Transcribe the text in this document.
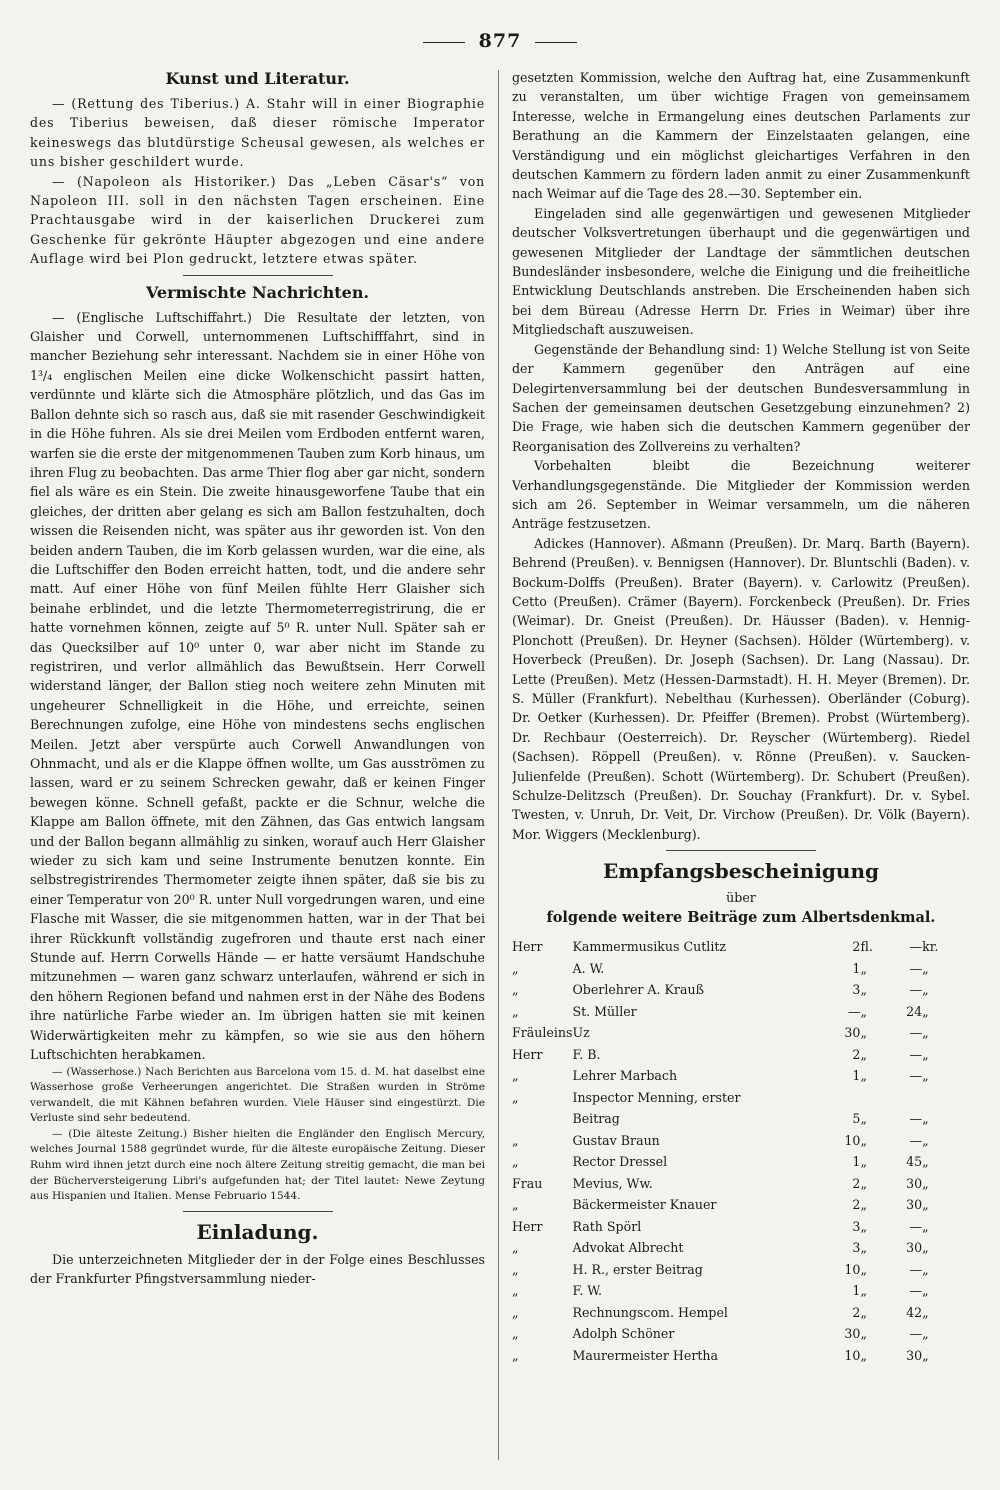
877
Kunst und Literatur.

— (Rettung des Tiberius.) A. Stahr will in einer Biographie des Tiberius beweisen, daß dieser römische Imperator keineswegs das blutdürstige Scheusal gewesen, als welches er uns bisher geschildert wurde.

— (Napoleon als Historiker.) Das „Leben Cäsar's“ von Napoleon III. soll in den nächsten Tagen erscheinen. Eine Prachtausgabe wird in der kaiserlichen Druckerei zum Geschenke für gekrönte Häupter abgezogen und eine andere Auflage wird bei Plon gedruckt, letztere etwas später.

Vermischte Nachrichten.

— (Englische Luftschiffahrt.) Die Resultate der letzten, von Glaisher und Corwell, unternommenen Luftschifffahrt, sind in mancher Beziehung sehr interessant. Nachdem sie in einer Höhe von 1³/₄ englischen Meilen eine dicke Wolkenschicht passirt hatten, verdünnte und klärte sich die Atmosphäre plötzlich, und das Gas im Ballon dehnte sich so rasch aus, daß sie mit rasender Geschwindigkeit in die Höhe fuhren. Als sie drei Meilen vom Erdboden entfernt waren, warfen sie die erste der mitgenommenen Tauben zum Korb hinaus, um ihren Flug zu beobachten. Das arme Thier flog aber gar nicht, sondern fiel als wäre es ein Stein. Die zweite hinausgeworfene Taube that ein gleiches, der dritten aber gelang es sich am Ballon festzuhalten, doch wissen die Reisenden nicht, was später aus ihr geworden ist. Von den beiden andern Tauben, die im Korb gelassen wurden, war die eine, als die Luftschiffer den Boden erreicht hatten, todt, und die andere sehr matt. Auf einer Höhe von fünf Meilen fühlte Herr Glaisher sich beinahe erblindet, und die letzte Thermometerregistrirung, die er hatte vornehmen können, zeigte auf 5⁰ R. unter Null. Später sah er das Quecksilber auf 10⁰ unter 0, war aber nicht im Stande zu registriren, und verlor allmählich das Bewußtsein. Herr Corwell widerstand länger, der Ballon stieg noch weitere zehn Minuten mit ungeheurer Schnelligkeit in die Höhe, und erreichte, seinen Berechnungen zufolge, eine Höhe von mindestens sechs englischen Meilen. Jetzt aber verspürte auch Corwell Anwandlungen von Ohnmacht, und als er die Klappe öffnen wollte, um Gas ausströmen zu lassen, ward er zu seinem Schrecken gewahr, daß er keinen Finger bewegen könne. Schnell gefaßt, packte er die Schnur, welche die Klappe am Ballon öffnete, mit den Zähnen, das Gas entwich langsam und der Ballon begann allmählig zu sinken, worauf auch Herr Glaisher wieder zu sich kam und seine Instrumente benutzen konnte. Ein selbstregistrirendes Thermometer zeigte ihnen später, daß sie bis zu einer Temperatur von 20⁰ R. unter Null vorgedrungen waren, und eine Flasche mit Wasser, die sie mitgenommen hatten, war in der That bei ihrer Rückkunft vollständig zugefroren und thaute erst nach einer Stunde auf. Herrn Corwells Hände — er hatte versäumt Handschuhe mitzunehmen — waren ganz schwarz unterlaufen, während er sich in den höhern Regionen befand und nahmen erst in der Nähe des Bodens ihre natürliche Farbe wieder an. Im übrigen hatten sie mit keinen Widerwärtigkeiten mehr zu kämpfen, so wie sie aus den höhern Luftschichten herabkamen.

— (Wasserhose.) Nach Berichten aus Barcelona vom 15. d. M. hat daselbst eine Wasserhose große Verheerungen angerichtet. Die Straßen wurden in Ströme verwandelt, die mit Kähnen befahren wurden. Viele Häuser sind eingestürzt. Die Verluste sind sehr bedeutend.

— (Die älteste Zeitung.) Bisher hielten die Engländer den Englisch Mercury, welches Journal 1588 gegründet wurde, für die älteste europäische Zeitung. Dieser Ruhm wird ihnen jetzt durch eine noch ältere Zeitung streitig gemacht, die man bei der Bücherversteigerung Libri's aufgefunden hat; der Titel lautet: Newe Zeytung aus Hispanien und Italien. Mense Februario 1544.

Einladung.

Die unterzeichneten Mitglieder der in der Folge eines Beschlusses der Frankfurter Pfingstversammlung nieder-

gesetzten Kommission, welche den Auftrag hat, eine Zusammenkunft zu veranstalten, um über wichtige Fragen von gemeinsamem Interesse, welche in Ermangelung eines deutschen Parlaments zur Berathung an die Kammern der Einzelstaaten gelangen, eine Verständigung und ein möglichst gleichartiges Verfahren in den deutschen Kammern zu fördern laden anmit zu einer Zusammenkunft nach Weimar auf die Tage des 28.—30. September ein.

Eingeladen sind alle gegenwärtigen und gewesenen Mitglieder deutscher Volksvertretungen überhaupt und die gegenwärtigen und gewesenen Mitglieder der Landtage der sämmtlichen deutschen Bundesländer insbesondere, welche die Einigung und die freiheitliche Entwicklung Deutschlands anstreben. Die Erscheinenden haben sich bei dem Büreau (Adresse Herrn Dr. Fries in Weimar) über ihre Mitgliedschaft auszuweisen.

Gegenstände der Behandlung sind: 1) Welche Stellung ist von Seite der Kammern gegenüber den Anträgen auf eine Delegirtenversammlung bei der deutschen Bundesversammlung in Sachen der gemeinsamen deutschen Gesetzgebung einzunehmen? 2) Die Frage, wie haben sich die deutschen Kammern gegenüber der Reorganisation des Zollvereins zu verhalten?

Vorbehalten bleibt die Bezeichnung weiterer Verhandlungsgegenstände. Die Mitglieder der Kommission werden sich am 26. September in Weimar versammeln, um die näheren Anträge festzusetzen.

Adickes (Hannover). Aßmann (Preußen). Dr. Marq. Barth (Bayern). Behrend (Preußen). v. Bennigsen (Hannover). Dr. Bluntschli (Baden). v. Bockum-Dolffs (Preußen). Brater (Bayern). v. Carlowitz (Preußen). Cetto (Preußen). Crämer (Bayern). Forckenbeck (Preußen). Dr. Fries (Weimar). Dr. Gneist (Preußen). Dr. Häusser (Baden). v. Hennig-Plonchott (Preußen). Dr. Heyner (Sachsen). Hölder (Würtemberg). v. Hoverbeck (Preußen). Dr. Joseph (Sachsen). Dr. Lang (Nassau). Dr. Lette (Preußen). Metz (Hessen-Darmstadt). H. H. Meyer (Bremen). Dr. S. Müller (Frankfurt). Nebelthau (Kurhessen). Oberländer (Coburg). Dr. Oetker (Kurhessen). Dr. Pfeiffer (Bremen). Probst (Würtemberg). Dr. Rechbaur (Oesterreich). Dr. Reyscher (Würtemberg). Riedel (Sachsen). Röppell (Preußen). v. Rönne (Preußen). v. Saucken-Julienfelde (Preußen). Schott (Würtemberg). Dr. Schubert (Preußen). Schulze-Delitzsch (Preußen). Dr. Souchay (Frankfurt). Dr. v. Sybel. Twesten, v. Unruh, Dr. Veit, Dr. Virchow (Preußen). Dr. Völk (Bayern). Mor. Wiggers (Mecklenburg).

Empfangsbescheinigung
über
folgende weitere Beiträge zum Albertsdenkmal.
Herr	Kammermusikus Cutlitz	2	fl.	—	kr.
„	A. W.	1	„	—	„
„	Oberlehrer A. Krauß	3	„	—	„
„	St. Müller	—	„	24	„
Fräuleins	Uz	30	„	—	„
Herr	F. B.	2	„	—	„
„	Lehrer Marbach	1	„	—	„
„	Inspector Menning, erster				
	Beitrag	5	„	—	„
„	Gustav Braun	10	„	—	„
„	Rector Dressel	1	„	45	„
Frau	Mevius, Ww.	2	„	30	„
„	Bäckermeister Knauer	2	„	30	„
Herr	Rath Spörl	3	„	—	„
„	Advokat Albrecht	3	„	30	„
„	H. R., erster Beitrag	10	„	—	„
„	F. W.	1	„	—	„
„	Rechnungscom. Hempel	2	„	42	„
„	Adolph Schöner	30	„	—	„
„	Maurermeister Hertha	10	„	30	„
